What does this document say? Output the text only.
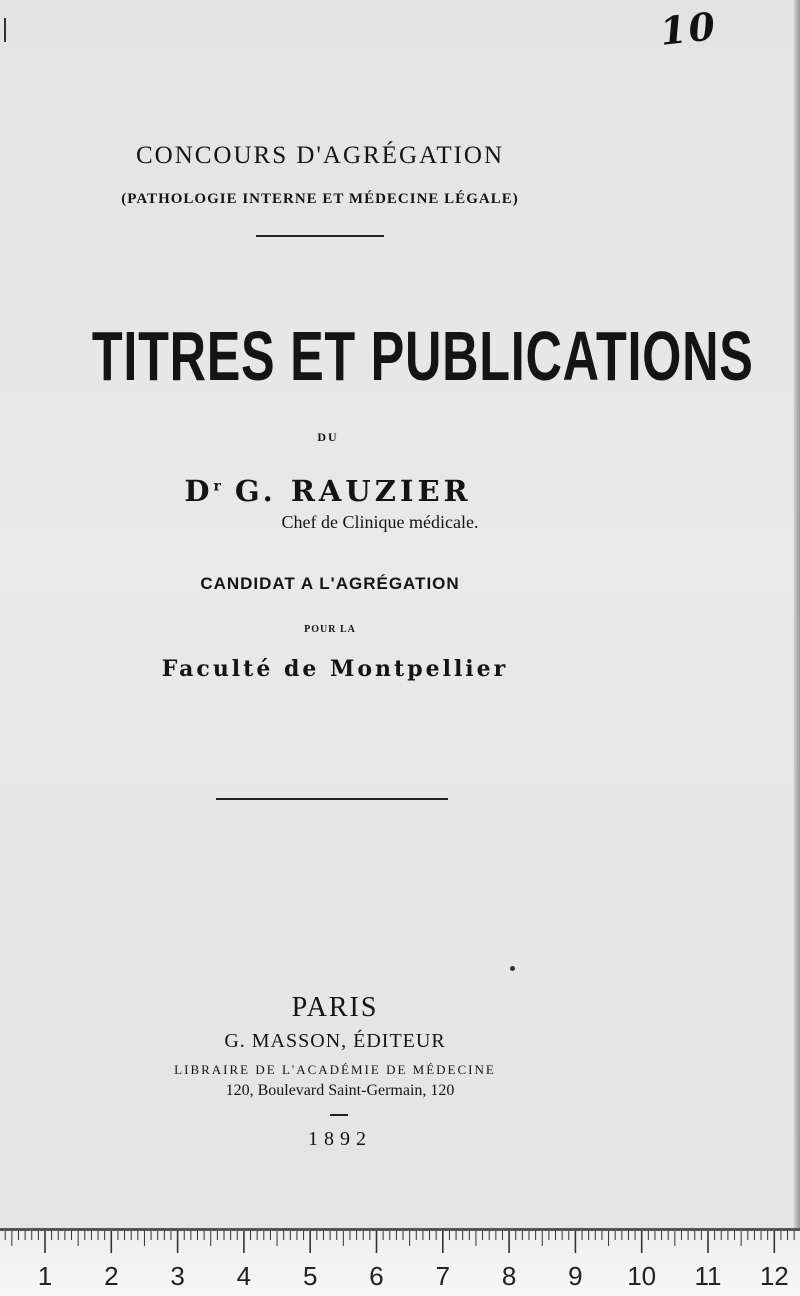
10
CONCOURS D'AGRÉGATION
(PATHOLOGIE INTERNE ET MÉDECINE LÉGALE)
TITRES ET PUBLICATIONS
DU
$D^r$ G. RAUZIER
Chef de Clinique médicale.
CANDIDAT A L'AGRÉGATION
POUR LA
Faculté de Montpellier
PARIS
G. MASSON, ÉDITEUR
LIBRAIRE DE L'ACADÉMIE DE MÉDECINE
120, Boulevard Saint-Germain, 120
1892
1 2 3 4 5 6 7 8 9 10 11 12
